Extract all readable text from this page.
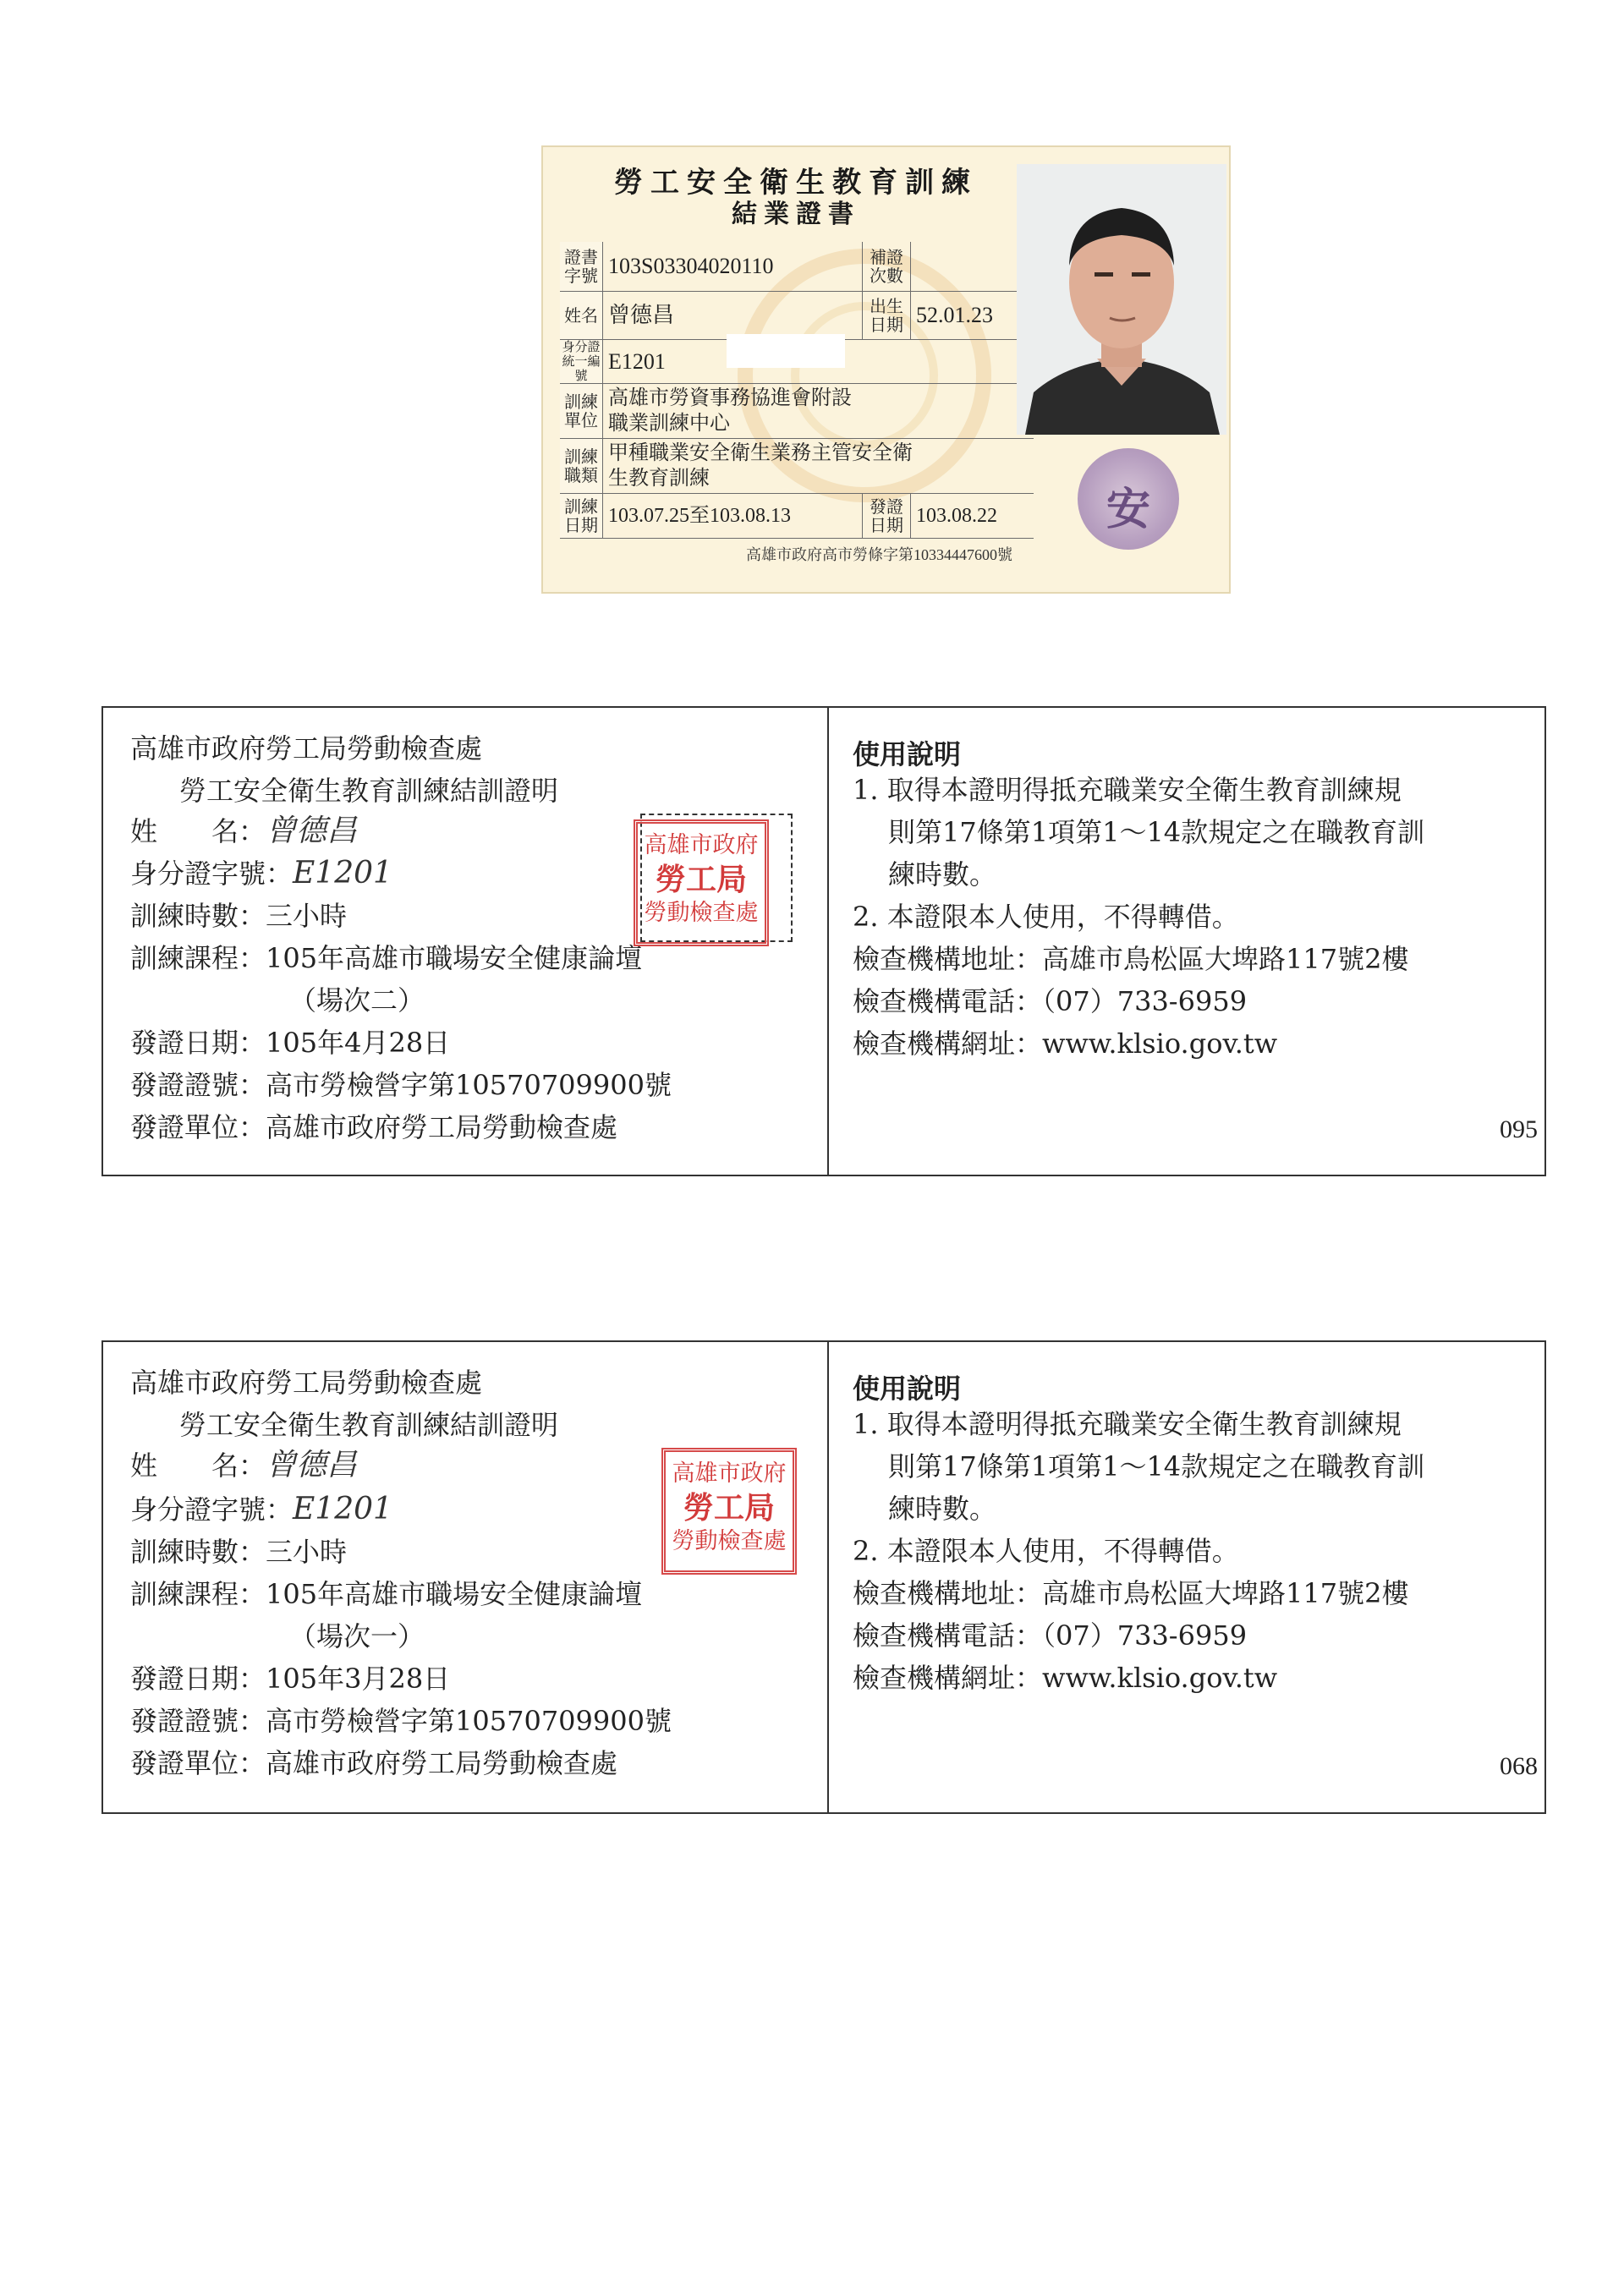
勞工安全衛生教育訓練
結業證書
證書字號	103S03304020110	補證次數	
姓名	曾德昌	出生日期	52.01.23
身分證統一編號	E1201		
訓練單位	高雄市勞資事務協進會附設職業訓練中心		
訓練職類	甲種職業安全衛生業務主管安全衛生教育訓練		
訓練日期	103.07.25至103.08.13	發證日期	103.08.22
高雄市政府高市勞條字第10334447600號
安
高雄市政府勞工局勞動檢查處
勞工安全衛生教育訓練結訓證明
姓　　名：曾德昌
身分證字號：E1201
訓練時數：三小時
訓練課程：105年高雄市職場安全健康論壇
（場次二）
發證日期：105年4月28日
發證證號：高市勞檢營字第10570709900號
發證單位：高雄市政府勞工局勞動檢查處
高雄市政府
勞工局
勞動檢查處
使用說明
1. 取得本證明得抵充職業安全衛生教育訓練規
則第17條第1項第1～14款規定之在職教育訓
練時數。
2. 本證限本人使用，不得轉借。
檢查機構地址：高雄市鳥松區大埤路117號2樓
檢查機構電話：（07）733-6959
檢查機構網址：www.klsio.gov.tw
095
高雄市政府勞工局勞動檢查處
勞工安全衛生教育訓練結訓證明
姓　　名：曾德昌
身分證字號：E1201
訓練時數：三小時
訓練課程：105年高雄市職場安全健康論壇
（場次一）
發證日期：105年3月28日
發證證號：高市勞檢營字第10570709900號
發證單位：高雄市政府勞工局勞動檢查處
高雄市政府
勞工局
勞動檢查處
使用說明
1. 取得本證明得抵充職業安全衛生教育訓練規
則第17條第1項第1～14款規定之在職教育訓
練時數。
2. 本證限本人使用，不得轉借。
檢查機構地址：高雄市鳥松區大埤路117號2樓
檢查機構電話：（07）733-6959
檢查機構網址：www.klsio.gov.tw
068
